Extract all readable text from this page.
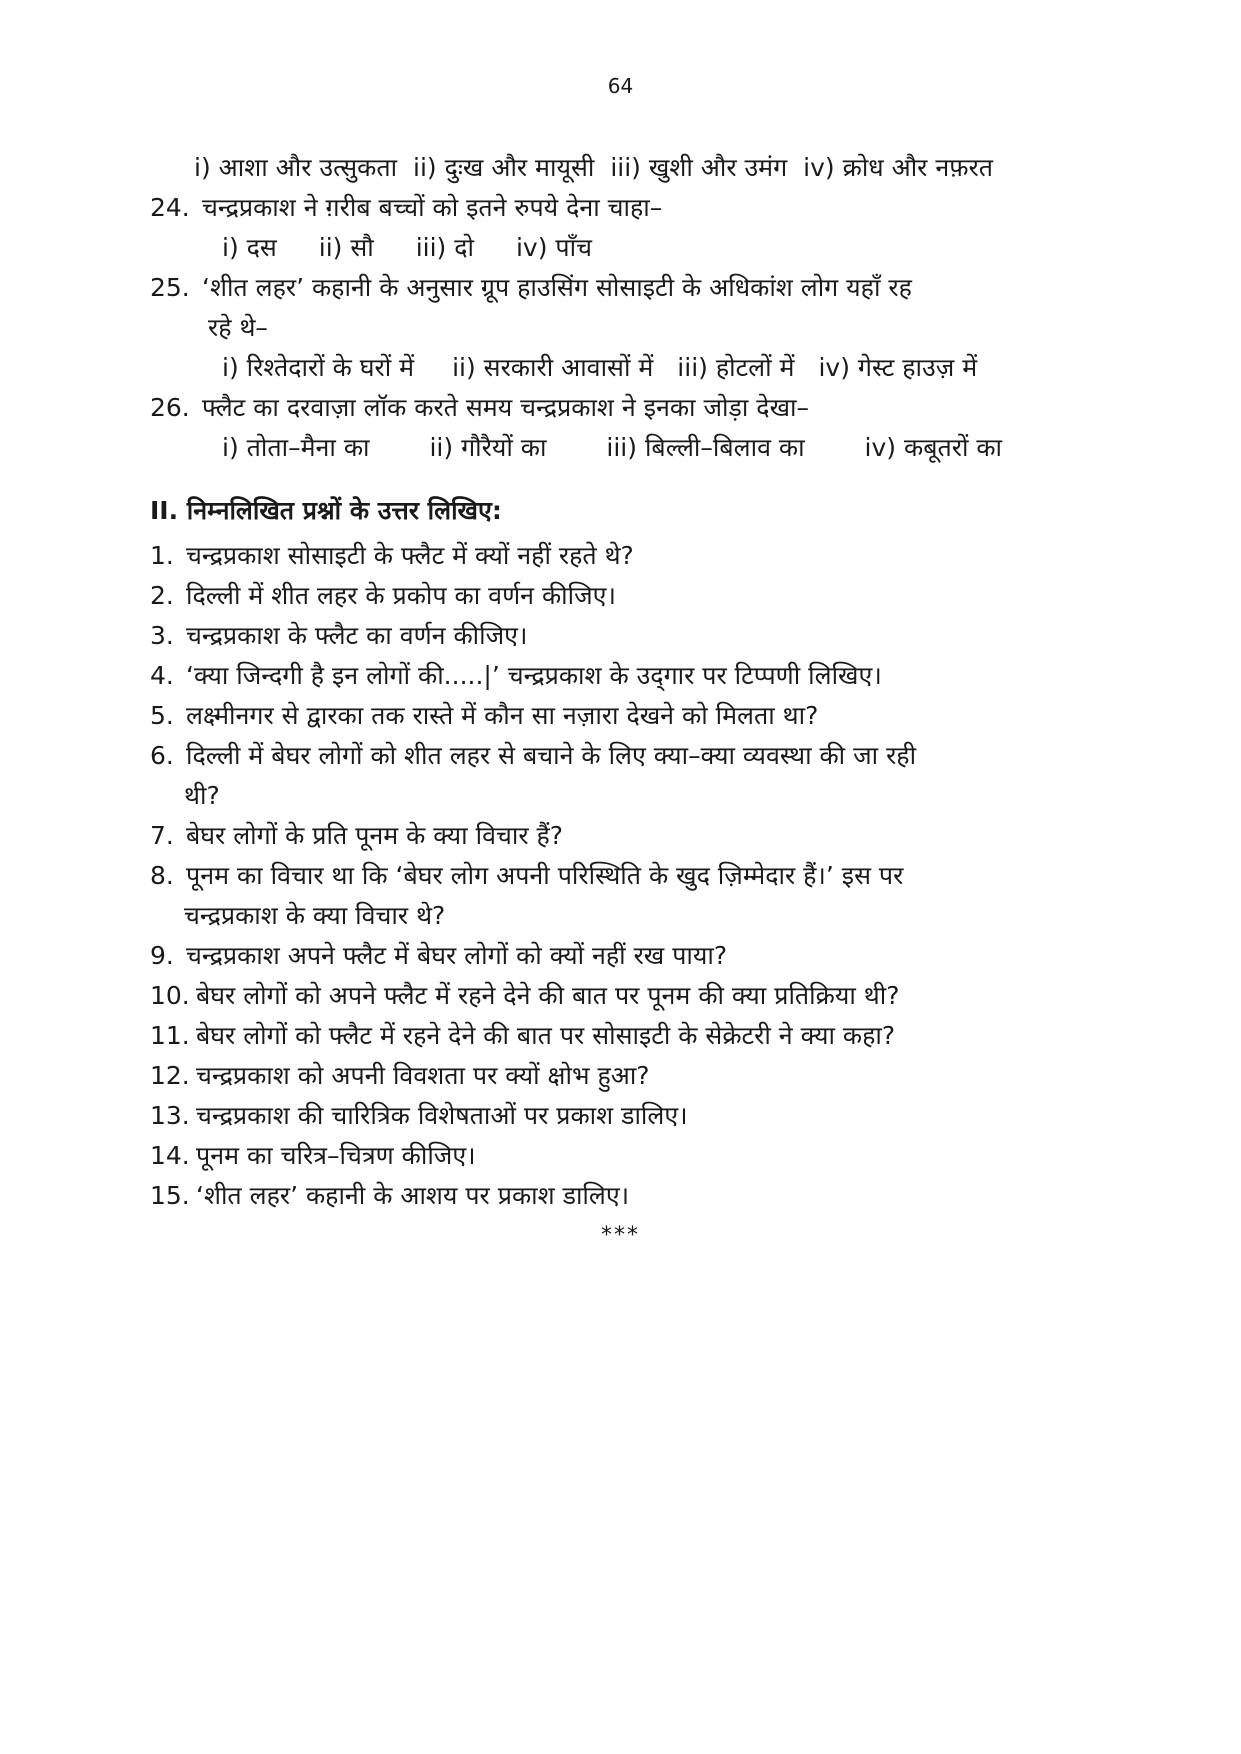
64
i) आशा और उत्सुकता ii) दुःख और मायूसी iii) खुशी और उमंग iv) क्रोध और नफ़रत
24. चन्द्रप्रकाश ने ग़रीब बच्चों को इतने रुपये देना चाहा–
i) दस ii) सौ iii) दो iv) पाँच
25. ‘शीत लहर’ कहानी के अनुसार ग्रूप हाउसिंग सोसाइटी के अधिकांश लोग यहाँ रह
रहे थे–
i) रिश्तेदारों के घरों में ii) सरकारी आवासों में iii) होटलों में iv) गेस्ट हाउज़ में
26. फ्लैट का दरवाज़ा लॉक करते समय चन्द्रप्रकाश ने इनका जोड़ा देखा–
i) तोता–मैना का ii) गौरैयों का iii) बिल्ली–बिलाव का iv) कबूतरों का
II. निम्नलिखित प्रश्नों के उत्तर लिखिए:
1. चन्द्रप्रकाश सोसाइटी के फ्लैट में क्यों नहीं रहते थे?
2. दिल्ली में शीत लहर के प्रकोप का वर्णन कीजिए।
3. चन्द्रप्रकाश के फ्लैट का वर्णन कीजिए।
4. ‘क्या जिन्दगी है इन लोगों की.....|’ चन्द्रप्रकाश के उद्‌गार पर टिप्पणी लिखिए।
5. लक्ष्मीनगर से द्वारका तक रास्ते में कौन सा नज़ारा देखने को मिलता था?
6. दिल्ली में बेघर लोगों को शीत लहर से बचाने के लिए क्या–क्या व्यवस्था की जा रही
थी?
7. बेघर लोगों के प्रति पूनम के क्या विचार हैं?
8. पूनम का विचार था कि ‘बेघर लोग अपनी परिस्थिति के खुद ज़िम्मेदार हैं।’ इस पर
चन्द्रप्रकाश के क्या विचार थे?
9. चन्द्रप्रकाश अपने फ्लैट में बेघर लोगों को क्यों नहीं रख पाया?
10. बेघर लोगों को अपने फ्लैट में रहने देने की बात पर पूनम की क्या प्रतिक्रिया थी?
11. बेघर लोगों को फ्लैट में रहने देने की बात पर सोसाइटी के सेक्रेटरी ने क्या कहा?
12. चन्द्रप्रकाश को अपनी विवशता पर क्यों क्षोभ हुआ?
13. चन्द्रप्रकाश की चारित्रिक विशेषताओं पर प्रकाश डालिए।
14. पूनम का चरित्र–चित्रण कीजिए।
15. ‘शीत लहर’ कहानी के आशय पर प्रकाश डालिए।
***
